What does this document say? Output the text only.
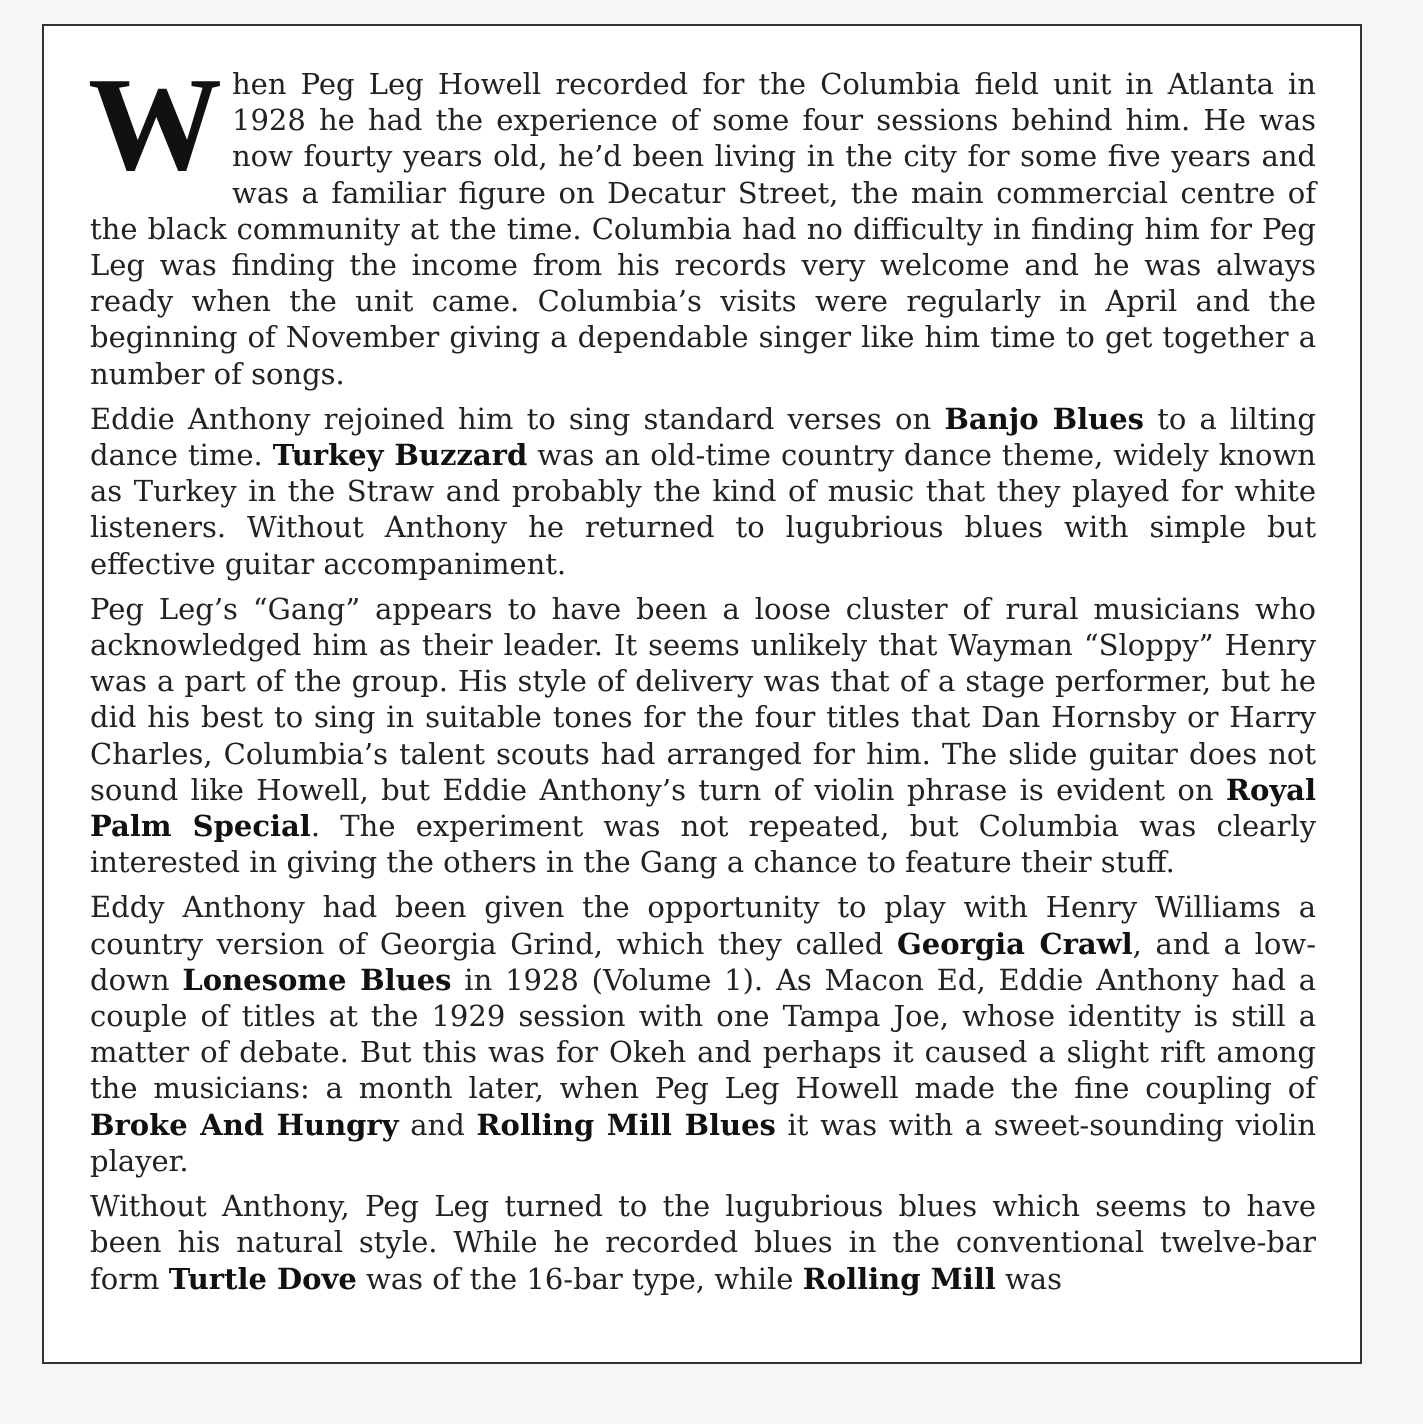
When Peg Leg Howell recorded for the Columbia field unit in Atlanta in 1928 he had the experience of some four sessions behind him. He was now fourty years old, he’d been living in the city for some five years and was a familiar figure on Decatur Street, the main commercial centre of the black community at the time. Columbia had no difficulty in finding him for Peg Leg was finding the income from his records very welcome and he was always ready when the unit came. Columbia’s visits were regularly in April and the beginning of November giving a dependable singer like him time to get together a number of songs.

Eddie Anthony rejoined him to sing standard verses on Banjo Blues to a lilting dance time. Turkey Buzzard was an old-time country dance theme, widely known as Turkey in the Straw and probably the kind of music that they played for white listeners. Without Anthony he returned to lugubrious blues with simple but effective guitar accompaniment.

Peg Leg’s “Gang” appears to have been a loose cluster of rural musicians who acknowledged him as their leader. It seems unlikely that Wayman “Sloppy” Henry was a part of the group. His style of delivery was that of a stage performer, but he did his best to sing in suitable tones for the four titles that Dan Hornsby or Harry Charles, Columbia’s talent scouts had arranged for him. The slide guitar does not sound like Howell, but Eddie Anthony’s turn of violin phrase is evident on Royal Palm Special. The experiment was not repeated, but Columbia was clearly interested in giving the others in the Gang a chance to feature their stuff.

Eddy Anthony had been given the opportunity to play with Henry Williams a country version of Georgia Grind, which they called Georgia Crawl, and a low-down Lonesome Blues in 1928 (Volume 1). As Macon Ed, Eddie Anthony had a couple of titles at the 1929 session with one Tampa Joe, whose identity is still a matter of debate. But this was for Okeh and perhaps it caused a slight rift among the musicians: a month later, when Peg Leg Howell made the fine coupling of Broke And Hungry and Rolling Mill Blues it was with a sweet-sounding violin player.

Without Anthony, Peg Leg turned to the lugubrious blues which seems to have been his natural style. While he recorded blues in the conventional twelve-bar form Turtle Dove was of the 16-bar type, while Rolling Mill was
